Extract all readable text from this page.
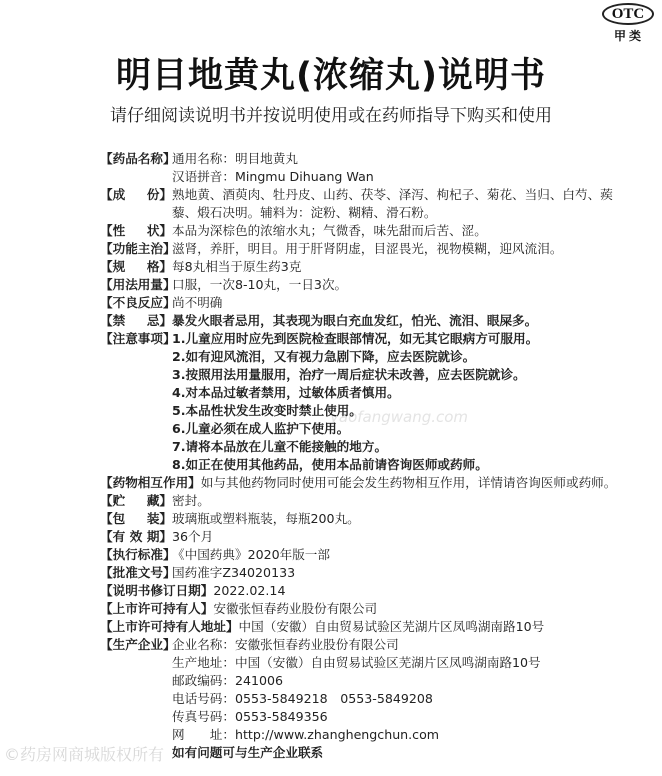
OTC
甲类
明目地黄丸(浓缩丸)说明书
请仔细阅读说明书并按说明使用或在药师指导下购买和使用
yaofangwang.com
【 药 品 名 称 】

通用名称：明目地黄丸

汉语拼音：Mingmu Dihuang Wan

【 成 份 】 熟地黄、酒萸肉、牡丹皮、山药、茯苓、泽泻、枸杞子、菊花、当归、白芍、蒺

藜、煅石决明。辅料为：淀粉、糊精、滑石粉。

【 性 状 】 本品为深棕色的浓缩水丸；气微香，味先甜而后苦、涩。

【 功 能 主 治 】

滋肾，养肝，明目。用于肝肾阴虚，目涩畏光，视物模糊，迎风流泪。

【 规 格 】 每8丸相当于原生药3克

【 用 法 用 量 】

口服，一次8-10丸，一日3次。

【 不 良 反 应 】

尚不明确

【 禁 忌 】 暴发火眼者忌用，其表现为眼白充血发红，怕光、流泪、眼屎多。

【 注 意 事 项 】

1.儿童应用时应先到医院检查眼部情况，如无其它眼病方可服用。

2.如有迎风流泪，又有视力急剧下降，应去医院就诊。

3.按照用法用量服用，治疗一周后症状未改善，应去医院就诊。

4.对本品过敏者禁用，过敏体质者慎用。

5.本品性状发生改变时禁止使用。

6.儿童必须在成人监护下使用。

7.请将本品放在儿童不能接触的地方。

8.如正在使用其他药品，使用本品前请咨询医师或药师。

【 药 物 相 互 作 用 】 如与其他药物同时使用可能会发生药物相互作用，详情请咨询医师或药师。

【 贮 藏 】 密封。

【 包 装 】 玻璃瓶或塑料瓶装，每瓶200丸。

【 有 效 期 】 36个月

【 执 行 标 准 】

《中国药典》2020年版一部

【 批 准 文 号 】

国药准字Z34020133

【 说 明 书 修 订 日 期 】 2022.02.14

【 上 市 许 可 持 有 人 】 安徽张恒春药业股份有限公司

【 上 市 许 可 持 有 人 地 址 】 中国（安徽）自由贸易试验区芜湖片区凤鸣湖南路10号

【 生 产 企 业 】

企业名称：安徽张恒春药业股份有限公司

生产地址：中国（安徽）自由贸易试验区芜湖片区凤鸣湖南路10号

邮政编码：241006

电话号码：0553-5849218　0553-5849208

传真号码：0553-5849356

网　　址：http://www.zhanghengchun.com

如有问题可与生产企业联系

©药房网商城版权所有
